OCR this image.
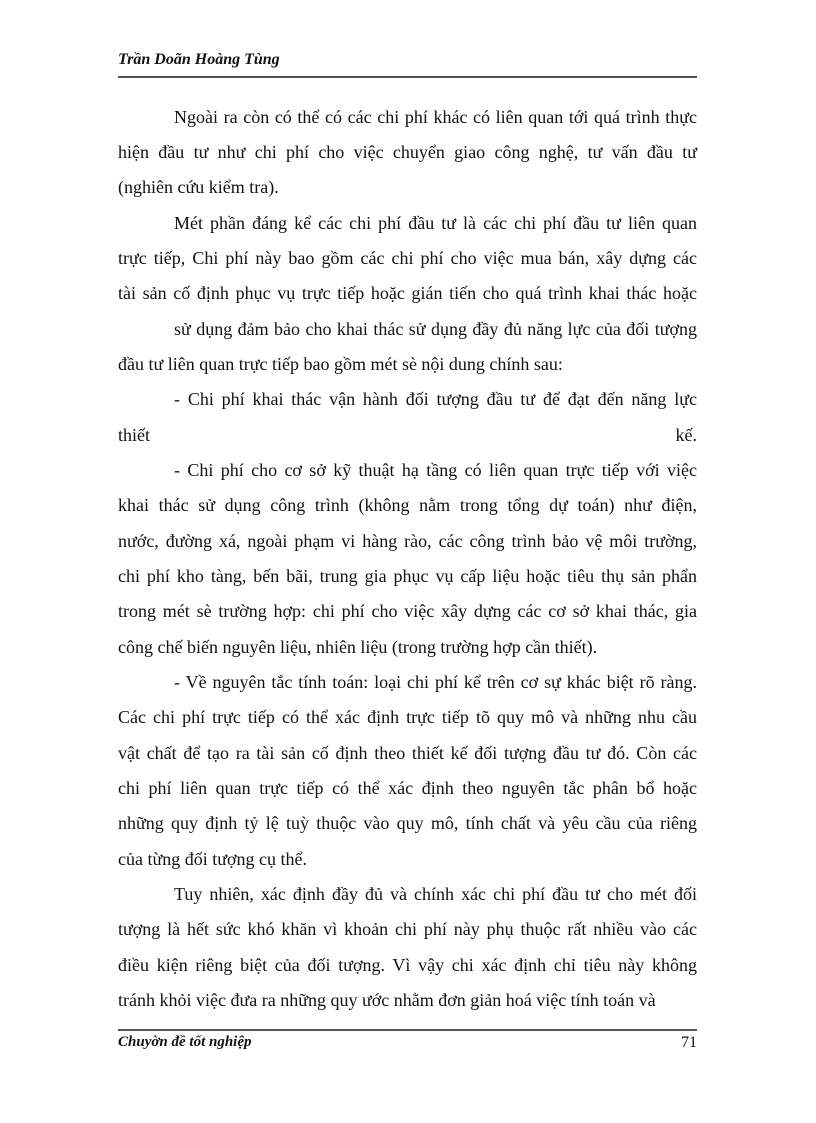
Trần Doãn Hoàng Tùng
Ngoài ra còn có thể có các chi phí khác có liên quan tới quá trình thực
hiện đầu tư như chi phí cho việc chuyển giao công nghệ, tư vấn đầu tư
(nghiên cứu kiểm tra).
Mét phần đáng kể các chi phí đầu tư là các chi phí đầu tư liên quan
trực tiếp, Chi phí này bao gồm các chi phí cho việc mua bán, xây dựng các
tài sản cố định phục vụ trực tiếp hoặc gián tiến cho quá trình khai thác hoặc
sử dụng đảm bảo cho khai thác sử dụng đầy đủ năng lực của đối tượng
đầu tư liên quan trực tiếp bao gồm mét sè nội dung chính sau:
- Chi phí khai thác vận hành đối tượng đầu tư để đạt đến năng lực
thiết kế.
- Chi phí cho cơ sở kỹ thuật hạ tầng có liên quan trực tiếp với việc
khai thác sử dụng công trình (không nằm trong tổng dự toán) như điện,
nước, đường xá, ngoài phạm vi hàng rào, các công trình bảo vệ môi trường,
chi phí kho tàng, bến bãi, trung gia phục vụ cấp liệu hoặc tiêu thụ sản phẩn
trong mét sè trường hợp: chi phí cho việc xây dựng các cơ sở khai thác, gia
công chế biến nguyên liệu, nhiên liệu (trong trường hợp cần thiết).
- Về nguyên tắc tính toán: loại chi phí kể trên cơ sự khác biệt rõ ràng.
Các chi phí trực tiếp có thể xác định trực tiếp tõ quy mô và những nhu cầu
vật chất để tạo ra tài sản cố định theo thiết kế đối tượng đầu tư đó. Còn các
chi phí liên quan trực tiếp có thể xác định theo nguyên tắc phân bổ hoặc
những quy định tỷ lệ tuỳ thuộc vào quy mô, tính chất và yêu cầu của riêng
của từng đối tượng cụ thể.
Tuy nhiên, xác định đầy đủ và chính xác chi phí đầu tư cho mét đối
tượng là hết sức khó khăn vì khoản chi phí này phụ thuộc rất nhiều vào các
điều kiện riêng biệt của đối tượng. Vì vậy chi xác định chỉ tiêu này không
tránh khỏi việc đưa ra những quy ước nhằm đơn giản hoá việc tính toán và
Chuyờn đề tốt nghiệp	71
